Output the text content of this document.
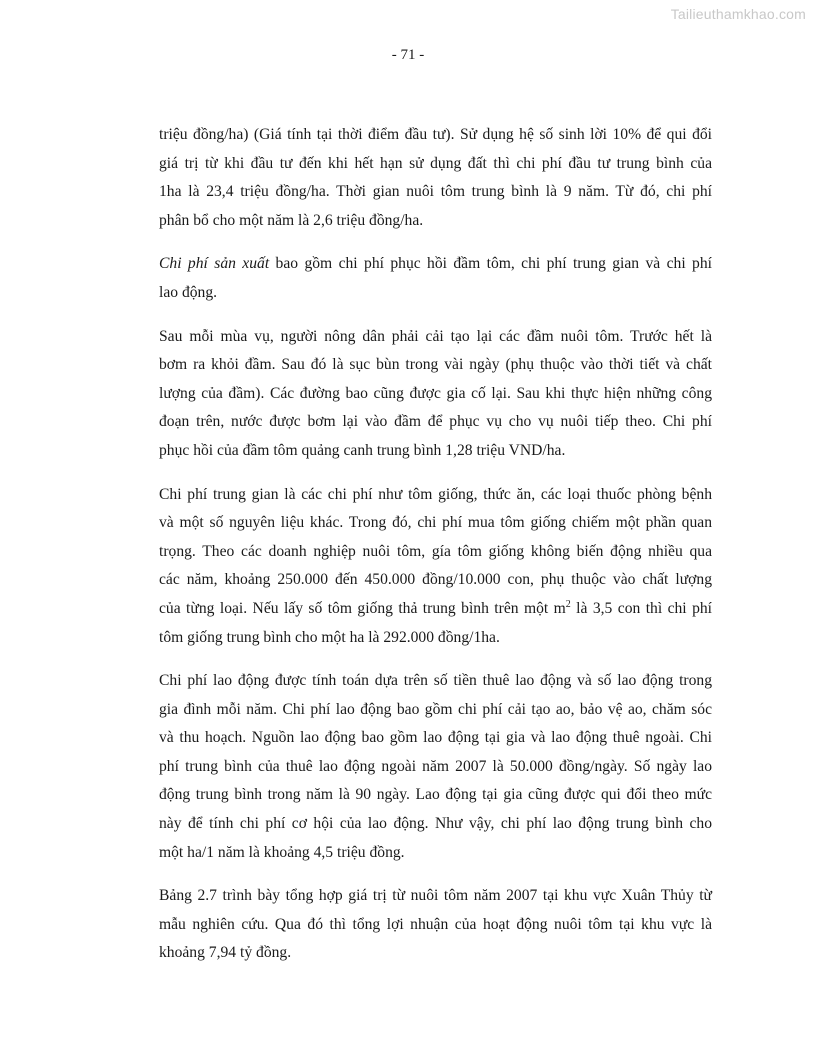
Tailieuthamkhao.com
- 71 -

triệu đồng/ha) (Giá tính tại thời điểm đầu tư). Sử dụng hệ số sinh lời 10% để qui đổi
giá trị từ khi đầu tư đến khi hết hạn sử dụng đất thì chi phí đầu tư trung bình của
1ha là 23,4 triệu đồng/ha. Thời gian nuôi tôm trung bình là 9 năm. Từ đó, chi phí
phân bổ cho một năm là 2,6 triệu đồng/ha.

Chi phí sản xuất bao gồm chi phí phục hồi đầm tôm, chi phí trung gian và chi phí
lao động.

Sau mỗi mùa vụ, người nông dân phải cải tạo lại các đầm nuôi tôm. Trước hết là
bơm ra khỏi đầm. Sau đó là sục bùn trong vài ngày (phụ thuộc vào thời tiết và chất
lượng của đầm). Các đường bao cũng được gia cố lại. Sau khi thực hiện những công
đoạn trên, nước được bơm lại vào đầm để phục vụ cho vụ nuôi tiếp theo. Chi phí
phục hồi của đầm tôm quảng canh trung bình 1,28 triệu VND/ha.

Chi phí trung gian là các chi phí như tôm giống, thức ăn, các loại thuốc phòng bệnh
và một số nguyên liệu khác. Trong đó, chi phí mua tôm giống chiếm một phần quan
trọng. Theo các doanh nghiệp nuôi tôm, gía tôm giống không biến động nhiều qua
các năm, khoảng 250.000 đến 450.000 đồng/10.000 con, phụ thuộc vào chất lượng
của từng loại. Nếu lấy số tôm giống thả trung bình trên một $m^2$ là 3,5 con thì chi phí
tôm giống trung bình cho một ha là 292.000 đồng/1ha.

Chi phí lao động được tính toán dựa trên số tiền thuê lao động và số lao động trong
gia đình mỗi năm. Chi phí lao động bao gồm chi phí cải tạo ao, bảo vệ ao, chăm sóc
và thu hoạch. Nguồn lao động bao gồm lao động tại gia và lao động thuê ngoài. Chi
phí trung bình của thuê lao động ngoài năm 2007 là 50.000 đồng/ngày. Số ngày lao
động trung bình trong năm là 90 ngày. Lao động tại gia cũng được qui đổi theo mức
này để tính chi phí cơ hội của lao động. Như vậy, chi phí lao động trung bình cho
một ha/1 năm là khoảng 4,5 triệu đồng.

Bảng 2.7 trình bày tổng hợp giá trị từ nuôi tôm năm 2007 tại khu vực Xuân Thủy từ
mẫu nghiên cứu. Qua đó thì tổng lợi nhuận của hoạt động nuôi tôm tại khu vực là
khoảng 7,94 tỷ đồng.
